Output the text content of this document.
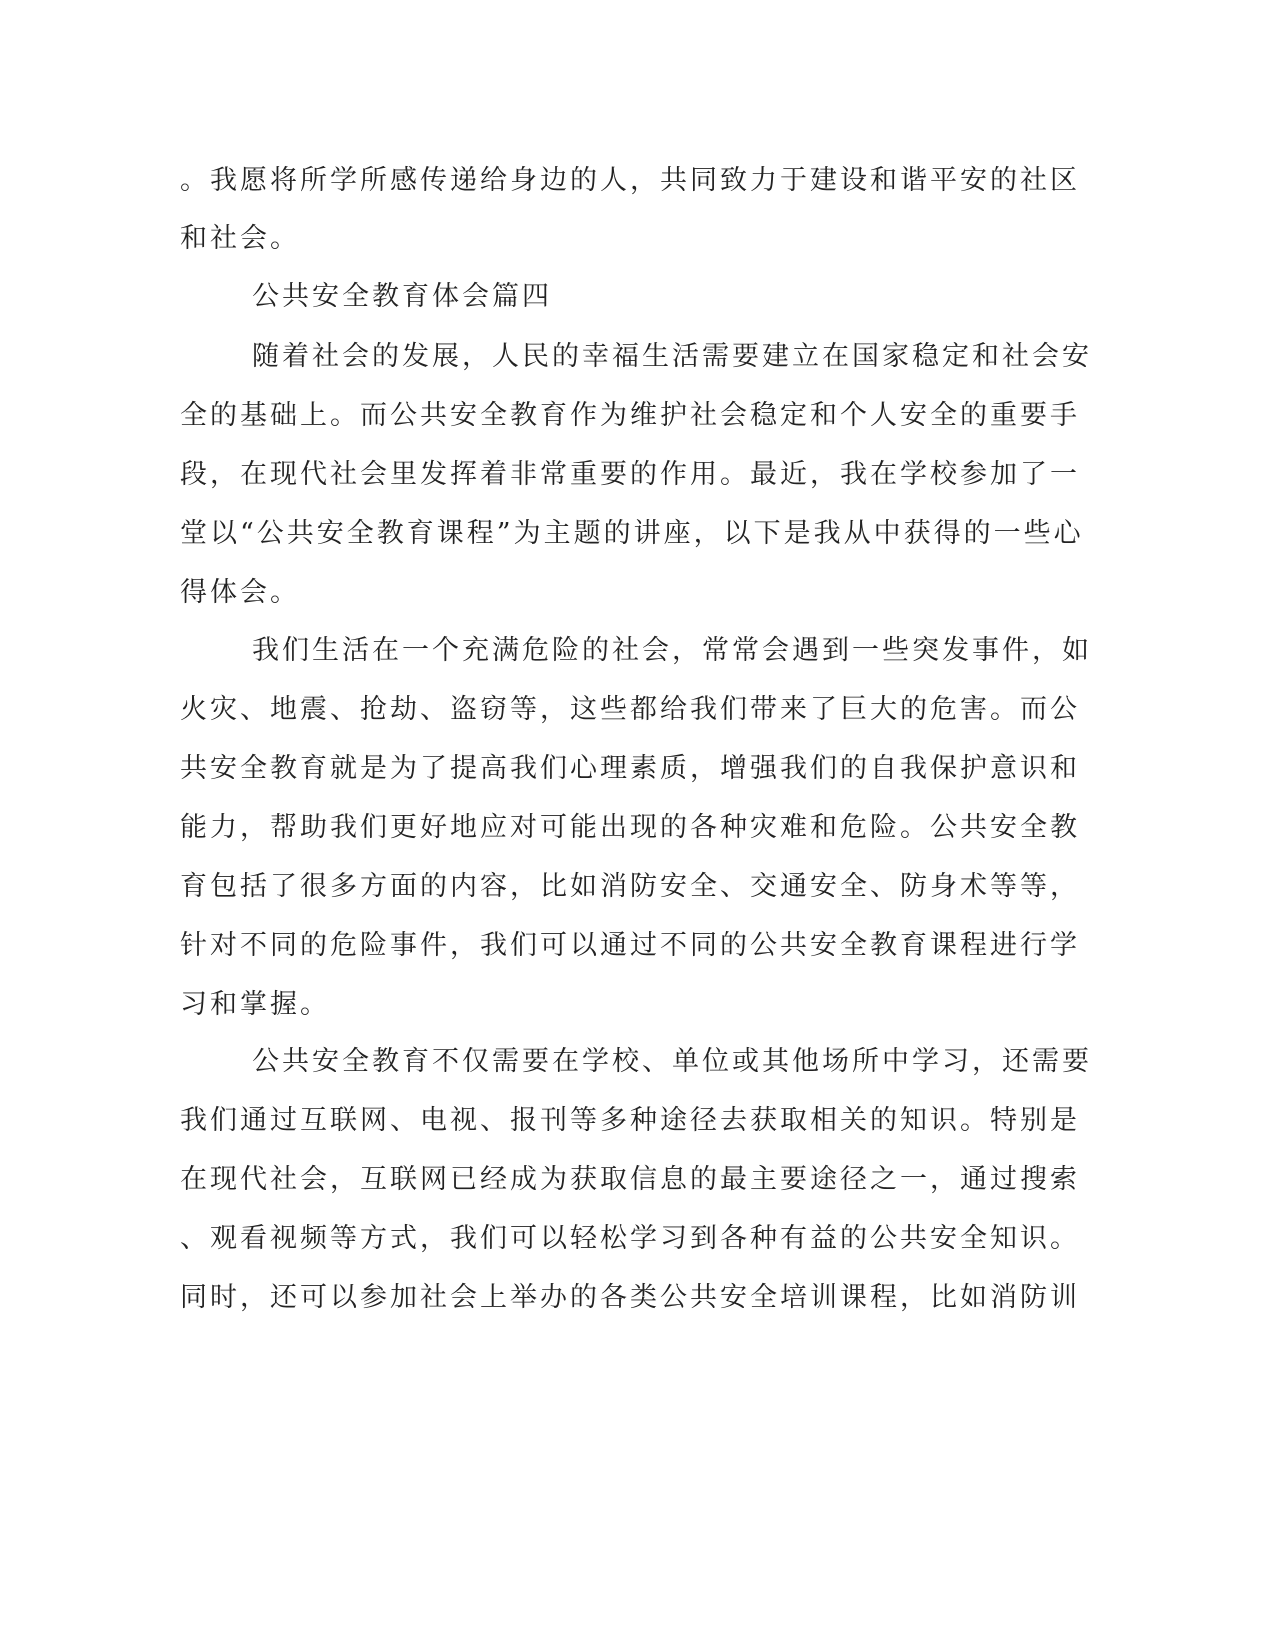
。我愿将所学所感传递给身边的人，共同致力于建设和谐平安的社区
和社会。
公共安全教育体会篇四
随着社会的发展，人民的幸福生活需要建立在国家稳定和社会安
全的基础上。而公共安全教育作为维护社会稳定和个人安全的重要手
段，在现代社会里发挥着非常重要的作用。最近，我在学校参加了一
堂以“公共安全教育课程”为主题的讲座，以下是我从中获得的一些心
得体会。
我们生活在一个充满危险的社会，常常会遇到一些突发事件，如
火灾、地震、抢劫、盗窃等，这些都给我们带来了巨大的危害。而公
共安全教育就是为了提高我们心理素质，增强我们的自我保护意识和
能力，帮助我们更好地应对可能出现的各种灾难和危险。公共安全教
育包括了很多方面的内容，比如消防安全、交通安全、防身术等等，
针对不同的危险事件，我们可以通过不同的公共安全教育课程进行学
习和掌握。
公共安全教育不仅需要在学校、单位或其他场所中学习，还需要
我们通过互联网、电视、报刊等多种途径去获取相关的知识。特别是
在现代社会，互联网已经成为获取信息的最主要途径之一，通过搜索
、观看视频等方式，我们可以轻松学习到各种有益的公共安全知识。
同时，还可以参加社会上举办的各类公共安全培训课程，比如消防训
